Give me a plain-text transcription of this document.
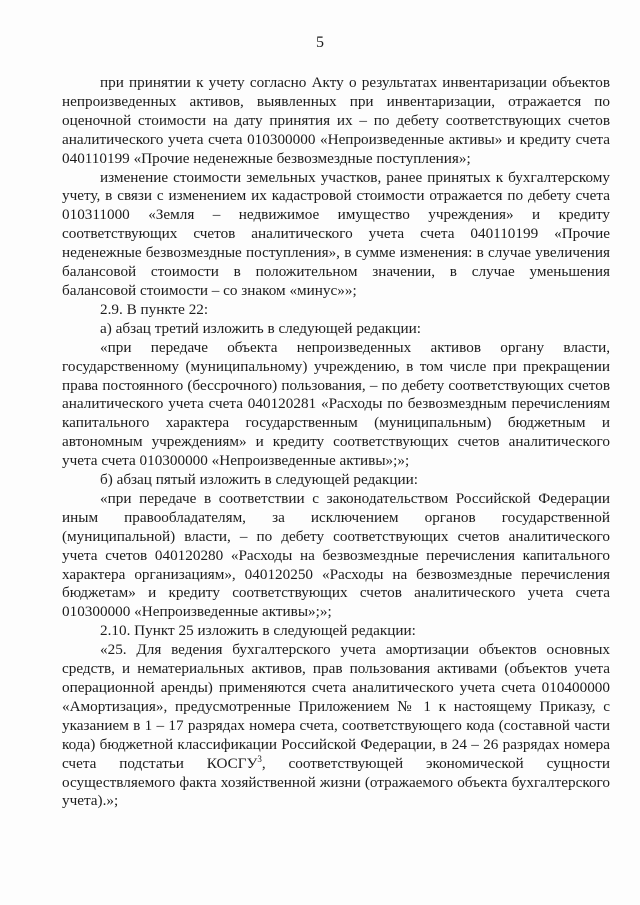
5

при принятии к учету согласно Акту о результатах инвентаризации объектов непроизведенных активов, выявленных при инвентаризации, отражается по оценочной стоимости на дату принятия их – по дебету соответствующих счетов аналитического учета счета 010300000 «Непроизведенные активы» и кредиту счета 040110199 «Прочие неденежные безвозмездные поступления»;

изменение стоимости земельных участков, ранее принятых к бухгалтерскому учету, в связи с изменением их кадастровой стоимости отражается по дебету счета 010311000 «Земля – недвижимое имущество учреждения» и кредиту соответствующих счетов аналитического учета счета 040110199 «Прочие неденежные безвозмездные поступления», в сумме изменения: в случае увеличения балансовой стоимости в положительном значении, в случае уменьшения балансовой стоимости – со знаком «минус»»;

2.9. В пункте 22:

а) абзац третий изложить в следующей редакции:

«при передаче объекта непроизведенных активов органу власти, государственному (муниципальному) учреждению, в том числе при прекращении права постоянного (бессрочного) пользования, – по дебету соответствующих счетов аналитического учета счета 040120281 «Расходы по безвозмездным перечислениям капитального характера государственным (муниципальным) бюджетным и автономным учреждениям» и кредиту соответствующих счетов аналитического учета счета 010300000 «Непроизведенные активы»;»;

б) абзац пятый изложить в следующей редакции:

«при передаче в соответствии с законодательством Российской Федерации иным правообладателям, за исключением органов государственной (муниципальной) власти, – по дебету соответствующих счетов аналитического учета счетов 040120280 «Расходы на безвозмездные перечисления капитального характера организациям», 040120250 «Расходы на безвозмездные перечисления бюджетам» и кредиту соответствующих счетов аналитического учета счета 010300000 «Непроизведенные активы»;»;

2.10. Пункт 25 изложить в следующей редакции:

«25. Для ведения бухгалтерского учета амортизации объектов основных средств, и нематериальных активов, прав пользования активами (объектов учета операционной аренды) применяются счета аналитического учета счета 010400000 «Амортизация», предусмотренные Приложением № 1 к настоящему Приказу, с указанием в 1 – 17 разрядах номера счета, соответствующего кода (составной части кода) бюджетной классификации Российской Федерации, в 24 – 26 разрядах номера счета подстатьи КОСГУ$^3$, соответствующей экономической сущности осуществляемого факта хозяйственной жизни (отражаемого объекта бухгалтерского учета).»;
